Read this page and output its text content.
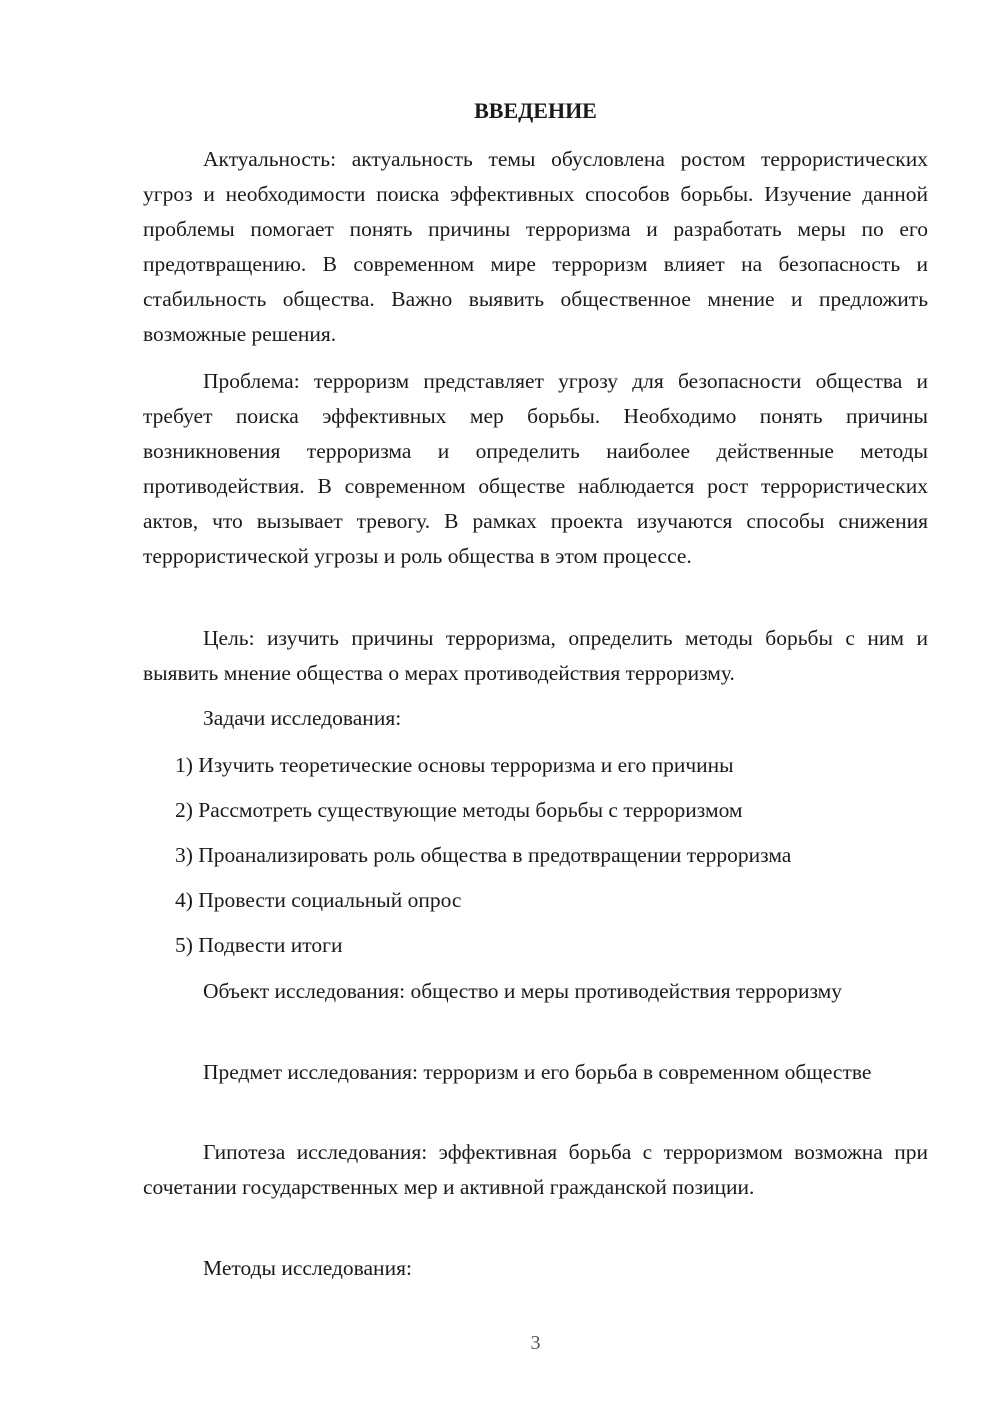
ВВЕДЕНИЕ

Актуальность: актуальность темы обусловлена ростом террористических угроз и необходимости поиска эффективных способов борьбы. Изучение данной проблемы помогает понять причины терроризма и разработать меры по его предотвращению. В современном мире терроризм влияет на безопасность и стабильность общества. Важно выявить общественное мнение и предложить возможные решения.

Проблема: терроризм представляет угрозу для безопасности общества и требует поиска эффективных мер борьбы. Необходимо понять причины возникновения терроризма и определить наиболее действенные методы противодействия. В современном обществе наблюдается рост террористических актов, что вызывает тревогу. В рамках проекта изучаются способы снижения террористической угрозы и роль общества в этом процессе.

Цель: изучить причины терроризма, определить методы борьбы с ним и выявить мнение общества о мерах противодействия терроризму.

Задачи исследования:

1) Изучить теоретические основы терроризма и его причины

2) Рассмотреть существующие методы борьбы с терроризмом

3) Проанализировать роль общества в предотвращении терроризма

4) Провести социальный опрос

5) Подвести итоги

Объект исследования: общество и меры противодействия терроризму

Предмет исследования: терроризм и его борьба в современном обществе

Гипотеза исследования: эффективная борьба с терроризмом возможна при сочетании государственных мер и активной гражданской позиции.

Методы исследования:

3
